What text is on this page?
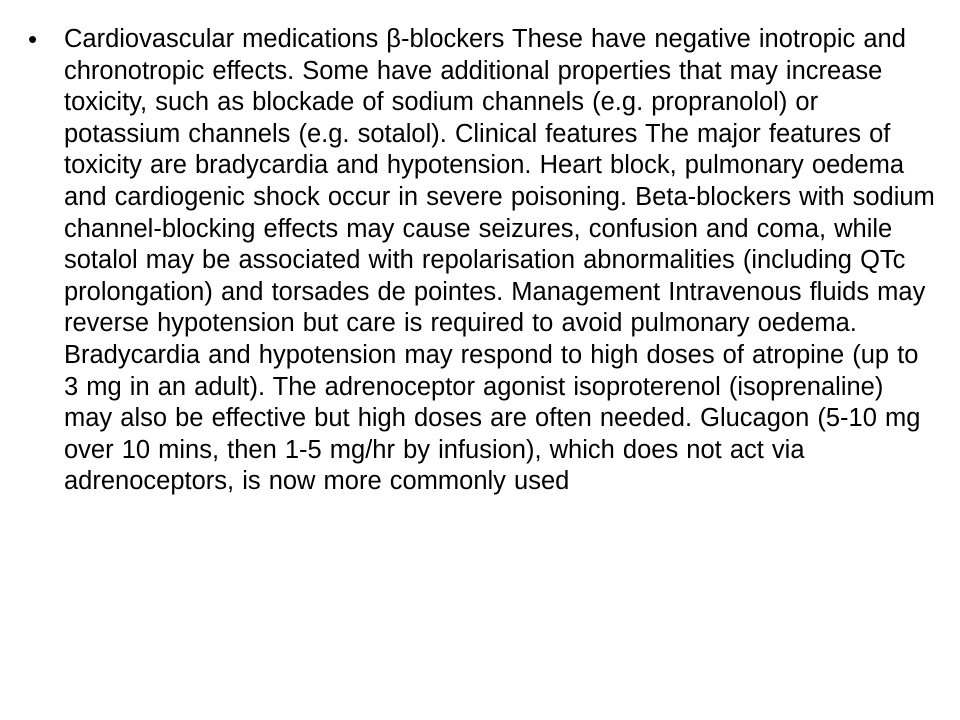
•	Cardiovascular medications β-blockers These have negative inotropic and chronotropic effects. Some have additional properties that may increase toxicity, such as blockade of sodium channels (e.g. propranolol) or potassium channels (e.g. sotalol). Clinical features The major features of toxicity are bradycardia and hypotension. Heart block, pulmonary oedema and cardiogenic shock occur in severe poisoning. Beta-blockers with sodium channel-blocking effects may cause seizures, confusion and coma, while sotalol may be associated with repolarisation abnormalities (including QTc prolongation) and torsades de pointes. Management Intravenous fluids may reverse hypotension but care is required to avoid pulmonary oedema. Bradycardia and hypotension may respond to high doses of atropine (up to 3 mg in an adult). The adrenoceptor agonist isoproterenol (isoprenaline) may also be effective but high doses are often needed. Glucagon (5-10 mg over 10 mins, then 1-5 mg/hr by infusion), which does not act via adrenoceptors, is now more commonly used
